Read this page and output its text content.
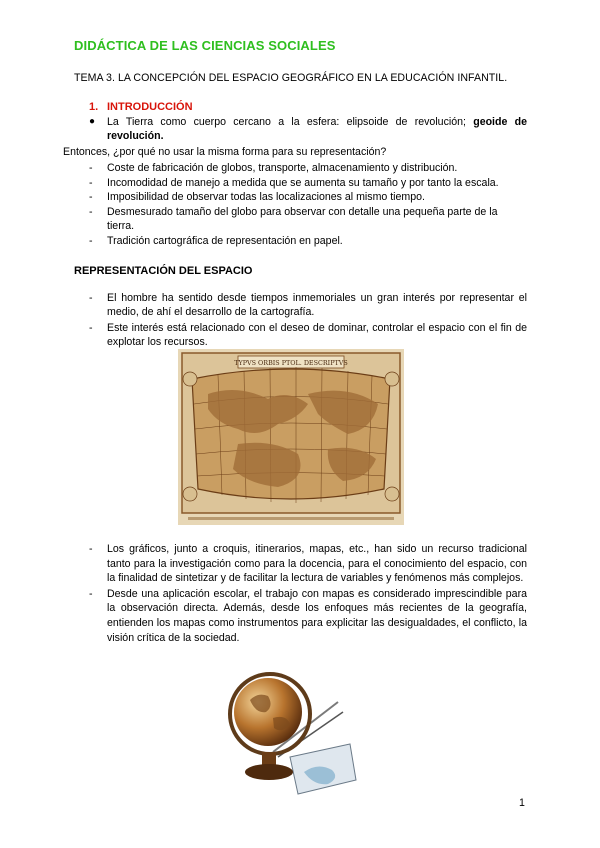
DIDÁCTICA DE LAS CIENCIAS SOCIALES
TEMA 3. LA CONCEPCIÓN DEL ESPACIO GEOGRÁFICO EN LA EDUCACIÓN INFANTIL.
1. INTRODUCCIÓN
● La Tierra como cuerpo cercano a la esfera: elipsoide de revolución; geoide de revolución.
Entonces, ¿por qué no usar la misma forma para su representación?
- Coste de fabricación de globos, transporte, almacenamiento y distribución.
- Incomodidad de manejo a medida que se aumenta su tamaño y por tanto la escala.
- Imposibilidad de observar todas las localizaciones al mismo tiempo.
- Desmesurado tamaño del globo para observar con detalle una pequeña parte de la tierra.
- Tradición cartográfica de representación en papel.
REPRESENTACIÓN DEL ESPACIO
- El hombre ha sentido desde tiempos inmemoriales un gran interés por representar el medio, de ahí el desarrollo de la cartografía.
- Este interés está relacionado con el deseo de dominar, controlar el espacio con el fin de explotar los recursos.
TYPVS ORBIS PTOL. DESCRIPTVS
- Los gráficos, junto a croquis, itinerarios, mapas, etc., han sido un recurso tradicional tanto para la investigación como para la docencia, para el conocimiento del espacio, con la finalidad de sintetizar y de facilitar la lectura de variables y fenómenos más complejos.
- Desde una aplicación escolar, el trabajo con mapas es considerado imprescindible para la observación directa. Además, desde los enfoques más recientes de la geografía, entienden los mapas como instrumentos para explicitar las desigualdades, el conflicto, la visión crítica de la sociedad.
1
